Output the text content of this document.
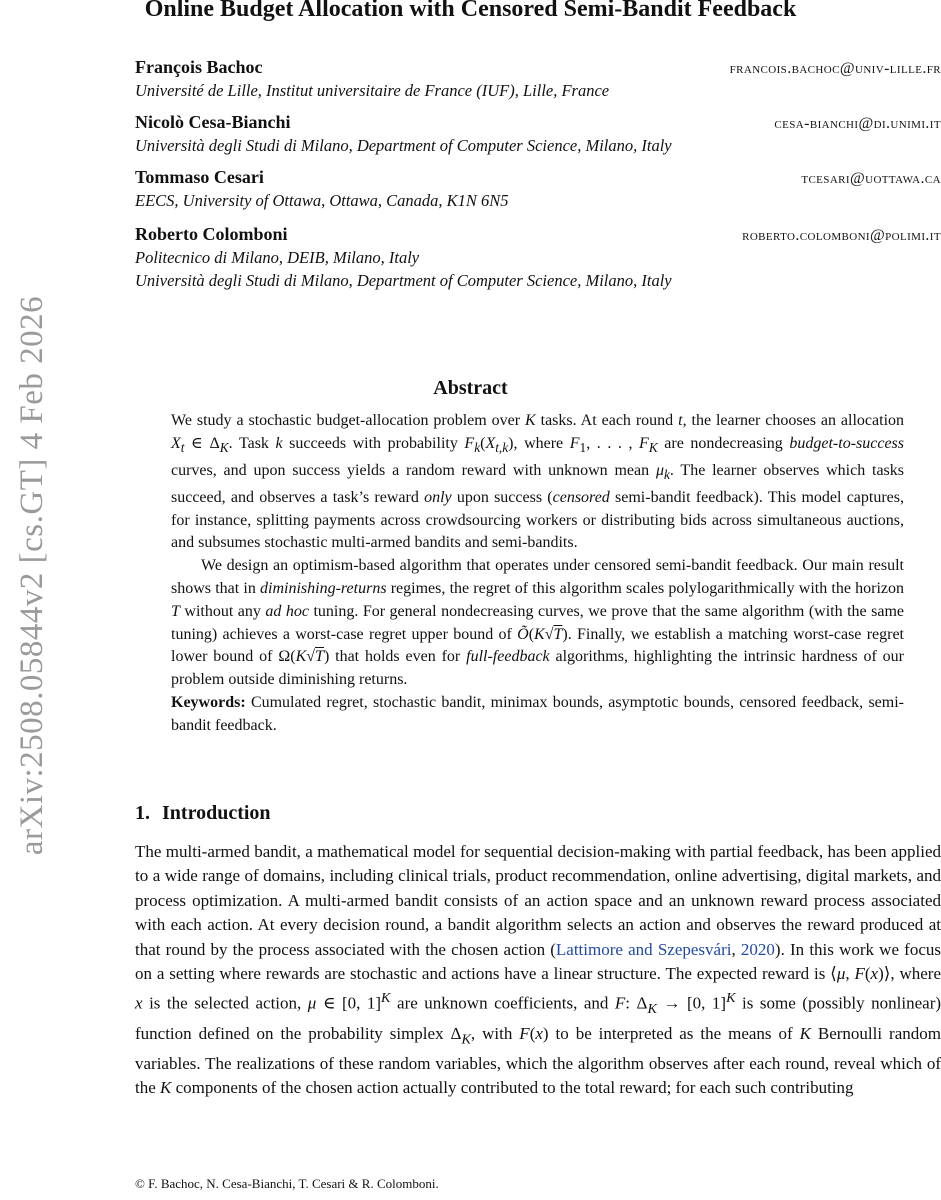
arXiv:2508.05844v2 [cs.GT] 4 Feb 2026
Online Budget Allocation with Censored Semi-Bandit Feedback
François Bachoc	francois.bachoc@univ-lille.fr
Université de Lille, Institut universitaire de France (IUF), Lille, France
Nicolò Cesa-Bianchi	cesa-bianchi@di.unimi.it
Università degli Studi di Milano, Department of Computer Science, Milano, Italy
Tommaso Cesari	tcesari@uottawa.ca
EECS, University of Ottawa, Ottawa, Canada, K1N 6N5
Roberto Colomboni	roberto.colomboni@polimi.it
Politecnico di Milano, DEIB, Milano, Italy
Università degli Studi di Milano, Department of Computer Science, Milano, Italy
Abstract

We study a stochastic budget-allocation problem over K tasks. At each round t, the learner chooses an allocation $X_t$ ∈ $\Delta_K$. Task k succeeds with probability $F_k(X_{t,k})$, where $F_1$, . . . , $F_K$ are nondecreasing budget-to-success curves, and upon success yields a random reward with unknown mean $\mu_k$. The learner observes which tasks succeed, and observes a task’s reward only upon success (censored semi-bandit feedback). This model captures, for instance, splitting payments across crowdsourcing workers or distributing bids across simultaneous auctions, and subsumes stochastic multi-armed bandits and semi-bandits.

We design an optimism-based algorithm that operates under censored semi-bandit feedback. Our main result shows that in diminishing-returns regimes, the regret of this algorithm scales polylogarithmically with the horizon T without any ad hoc tuning. For general nondecreasing curves, we prove that the same algorithm (with the same tuning) achieves a worst-case regret upper bound of Õ(K√T). Finally, we establish a matching worst-case regret lower bound of Ω(K√T) that holds even for full-feedback algorithms, highlighting the intrinsic hardness of our problem outside diminishing returns.

Keywords: Cumulated regret, stochastic bandit, minimax bounds, asymptotic bounds, censored feedback, semi-bandit feedback.

1. Introduction

The multi-armed bandit, a mathematical model for sequential decision-making with partial feedback, has been applied to a wide range of domains, including clinical trials, product recommendation, online advertising, digital markets, and process optimization. A multi-armed bandit consists of an action space and an unknown reward process associated with each action. At every decision round, a bandit algorithm selects an action and observes the reward produced at that round by the process associated with the chosen action (Lattimore and Szepesvári, 2020). In this work we focus on a setting where rewards are stochastic and actions have a linear structure. The expected reward is ⟨μ, F(x)⟩, where x is the selected action, μ ∈ [0, 1]$^K$ are unknown coefficients, and F: $\Delta_K \to [0$, 1]$^K$ is some (possibly nonlinear) function defined on the probability simplex $\Delta_K$, with F(x) to be interpreted as the means of K Bernoulli random variables. The realizations of these random variables, which the algorithm observes after each round, reveal which of the K components of the chosen action actually contributed to the total reward; for each such contributing

© F. Bachoc, N. Cesa-Bianchi, T. Cesari & R. Colomboni.
